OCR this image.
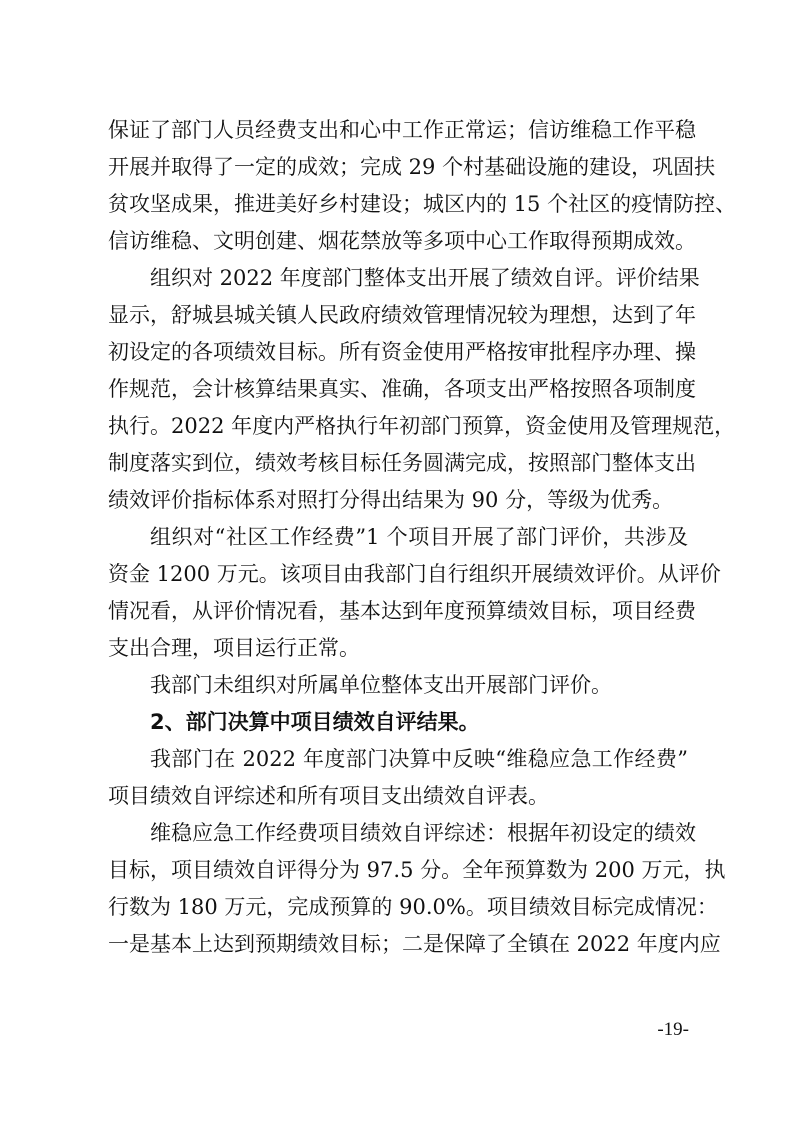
保证了部门人员经费支出和心中工作正常运；信访维稳工作平稳
开展并取得了一定的成效；完成 29 个村基础设施的建设，巩固扶
贫攻坚成果，推进美好乡村建设；城区内的 15 个社区的疫情防控、
信访维稳、文明创建、烟花禁放等多项中心工作取得预期成效。
组织对 2022 年度部门整体支出开展了绩效自评。评价结果
显示，舒城县城关镇人民政府绩效管理情况较为理想，达到了年
初设定的各项绩效目标。所有资金使用严格按审批程序办理、操
作规范，会计核算结果真实、准确，各项支出严格按照各项制度
执行。2022 年度内严格执行年初部门预算，资金使用及管理规范，
制度落实到位，绩效考核目标任务圆满完成，按照部门整体支出
绩效评价指标体系对照打分得出结果为 90 分，等级为优秀。
组织对“社区工作经费”1 个项目开展了部门评价，共涉及
资金 1200 万元。该项目由我部门自行组织开展绩效评价。从评价
情况看，从评价情况看，基本达到年度预算绩效目标，项目经费
支出合理，项目运行正常。
我部门未组织对所属单位整体支出开展部门评价。
2、部门决算中项目绩效自评结果。
我部门在 2022 年度部门决算中反映“维稳应急工作经费”
项目绩效自评综述和所有项目支出绩效自评表。
维稳应急工作经费项目绩效自评综述：根据年初设定的绩效
目标，项目绩效自评得分为 97.5 分。全年预算数为 200 万元，执
行数为 180 万元，完成预算的 90.0%。项目绩效目标完成情况：
一是基本上达到预期绩效目标；二是保障了全镇在 2022 年度内应
-19-
